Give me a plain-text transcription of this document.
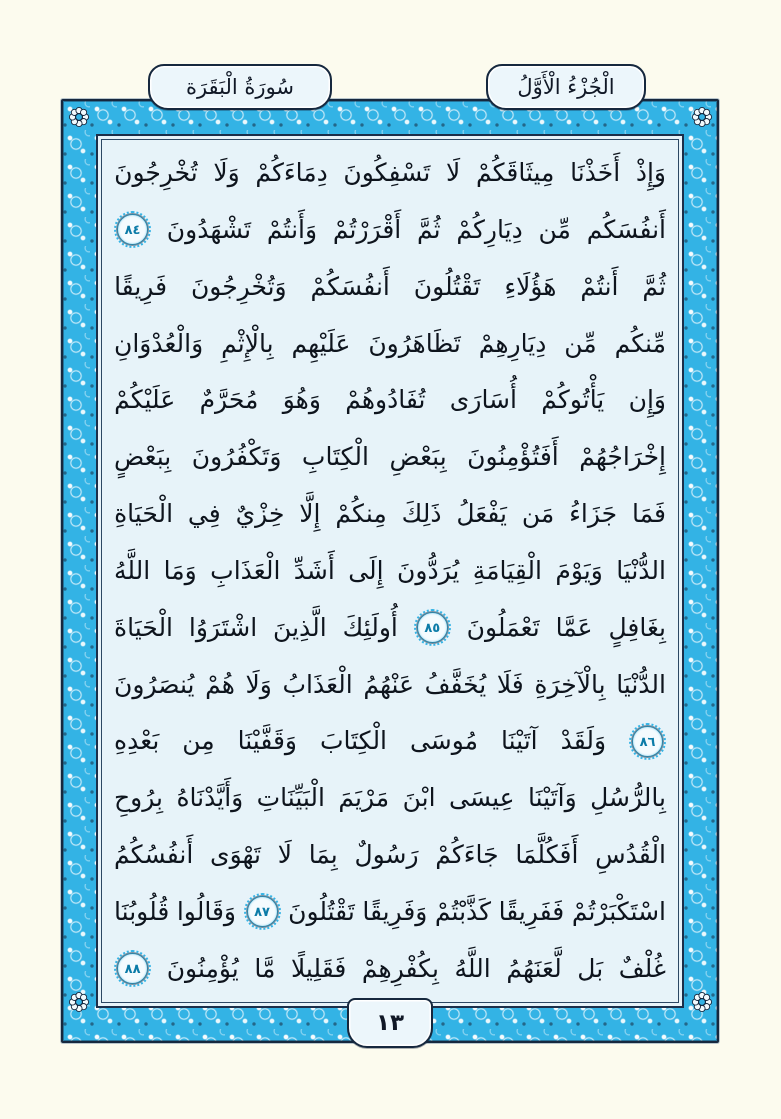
وَإِذْ
أَخَذْنَا
مِيثَاقَكُمْ
لَا
تَسْفِكُونَ
دِمَاءَكُمْ
وَلَا
تُخْرِجُونَ
أَنفُسَكُم
مِّن
دِيَارِكُمْ
ثُمَّ
أَقْرَرْتُمْ
وَأَنتُمْ
تَشْهَدُونَ
٨٤
ثُمَّ
أَنتُمْ
هَؤُلَاءِ
تَقْتُلُونَ
أَنفُسَكُمْ
وَتُخْرِجُونَ
فَرِيقًا
مِّنكُم
مِّن
دِيَارِهِمْ
تَظَاهَرُونَ
عَلَيْهِم
بِالْإِثْمِ
وَالْعُدْوَانِ
وَإِن
يَأْتُوكُمْ
أُسَارَى
تُفَادُوهُمْ
وَهُوَ
مُحَرَّمٌ
عَلَيْكُمْ
إِخْرَاجُهُمْ
أَفَتُؤْمِنُونَ
بِبَعْضِ
الْكِتَابِ
وَتَكْفُرُونَ
بِبَعْضٍ
فَمَا
جَزَاءُ
مَن
يَفْعَلُ
ذَلِكَ
مِنكُمْ
إِلَّا
خِزْيٌ
فِي
الْحَيَاةِ
الدُّنْيَا
وَيَوْمَ
الْقِيَامَةِ
يُرَدُّونَ
إِلَى
أَشَدِّ
الْعَذَابِ
وَمَا
اللَّهُ
بِغَافِلٍ
عَمَّا
تَعْمَلُونَ
٨٥
أُولَئِكَ
الَّذِينَ
اشْتَرَوُا
الْحَيَاةَ
الدُّنْيَا
بِالْآخِرَةِ
فَلَا
يُخَفَّفُ
عَنْهُمُ
الْعَذَابُ
وَلَا
هُمْ
يُنصَرُونَ
٨٦
وَلَقَدْ
آتَيْنَا
مُوسَى
الْكِتَابَ
وَقَفَّيْنَا
مِن
بَعْدِهِ
بِالرُّسُلِ
وَآتَيْنَا
عِيسَى
ابْنَ
مَرْيَمَ
الْبَيِّنَاتِ
وَأَيَّدْنَاهُ
بِرُوحِ
الْقُدُسِ
أَفَكُلَّمَا
جَاءَكُمْ
رَسُولٌ
بِمَا
لَا
تَهْوَى
أَنفُسُكُمُ
اسْتَكْبَرْتُمْ
فَفَرِيقًا
كَذَّبْتُمْ
وَفَرِيقًا
تَقْتُلُونَ
٨٧
وَقَالُوا
قُلُوبُنَا
غُلْفٌ
بَل
لَّعَنَهُمُ
اللَّهُ
بِكُفْرِهِمْ
فَقَلِيلًا
مَّا
يُؤْمِنُونَ
٨٨
سُورَةُ الْبَقَرَة	الْجُزْءُ الْأَوَّلُ
١٣
